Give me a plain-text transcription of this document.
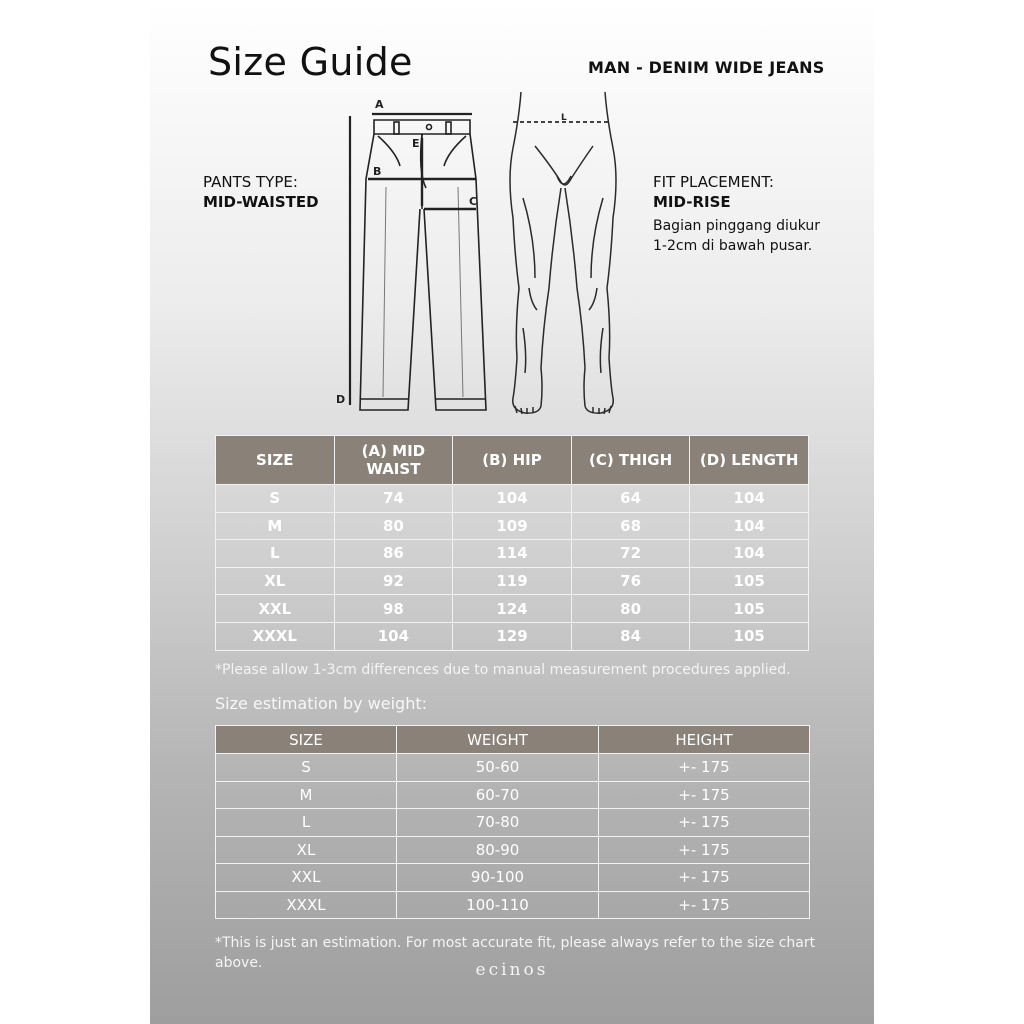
Size Guide	MAN - DENIM WIDE JEANS
PANTS TYPE:
MID-WAISTED
FIT PLACEMENT:
MID-RISE
Bagian pinggang diukur
1-2cm di bawah pusar.
A
B
C
D
E
L
SIZE	(A) MID WAIST	(B) HIP	(C) THIGH	(D) LENGTH
S	74	104	64	104
M	80	109	68	104
L	86	114	72	104
XL	92	119	76	105
XXL	98	124	80	105
XXXL	104	129	84	105
*Please allow 1-3cm differences due to manual measurement procedures applied.
Size estimation by weight:
SIZE	WEIGHT	HEIGHT
S	50-60	+- 175
M	60-70	+- 175
L	70-80	+- 175
XL	80-90	+- 175
XXL	90-100	+- 175
XXXL	100-110	+- 175
*This is just an estimation. For most accurate fit, please always refer to the size chart
above.	ecinos
